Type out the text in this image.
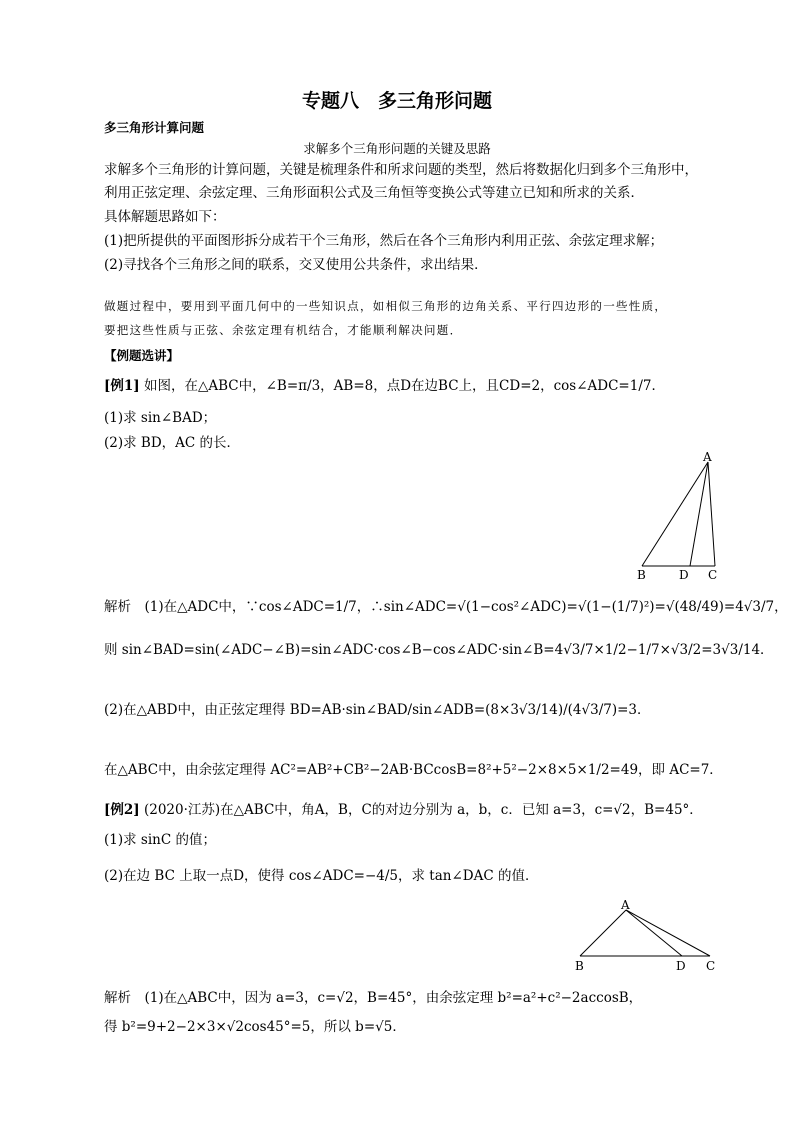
专题八　多三角形问题
多三角形计算问题
求解多个三角形问题的关键及思路
求解多个三角形的计算问题，关键是梳理条件和所求问题的类型，然后将数据化归到多个三角形中，
利用正弦定理、余弦定理、三角形面积公式及三角恒等变换公式等建立已知和所求的关系．
具体解题思路如下：
(1)把所提供的平面图形拆分成若干个三角形，然后在各个三角形内利用正弦、余弦定理求解；
(2)寻找各个三角形之间的联系，交叉使用公共条件，求出结果．
做题过程中，要用到平面几何中的一些知识点，如相似三角形的边角关系、平行四边形的一些性质，
要把这些性质与正弦、余弦定理有机结合，才能顺利解决问题．
【例题选讲】
[例1] 如图，在△ABC中，∠B=π/3，AB=8，点D在边BC上，且CD=2，cos∠ADC=1/7．
(1)求 sin∠BAD；
(2)求 BD，AC 的长．
A
B	D C
解析　(1)在△ADC中，∵cos∠ADC=1/7，∴sin∠ADC=√(1−cos²∠ADC)=√(1−(1/7)²)=√(48/49)=4√3/7，
则 sin∠BAD=sin(∠ADC−∠B)=sin∠ADC·cos∠B−cos∠ADC·sin∠B=4√3/7×1/2−1/7×√3/2=3√3/14．
(2)在△ABD中，由正弦定理得 BD=AB·sin∠BAD/sin∠ADB=(8×3√3/14)/(4√3/7)=3．
在△ABC中，由余弦定理得 AC²=AB²+CB²−2AB·BCcosB=8²+5²−2×8×5×1/2=49，即 AC=7．
[例2] (2020·江苏)在△ABC中，角A，B，C的对边分别为 a，b，c．已知 a=3，c=√2，B=45°．
(1)求 sinC 的值；
(2)在边 BC 上取一点D，使得 cos∠ADC=−4/5，求 tan∠DAC 的值．
A
B	D C
解析　(1)在△ABC中，因为 a=3，c=√2，B=45°，由余弦定理 b²=a²+c²−2accosB，
得 b²=9+2−2×3×√2cos45°=5，所以 b=√5．
